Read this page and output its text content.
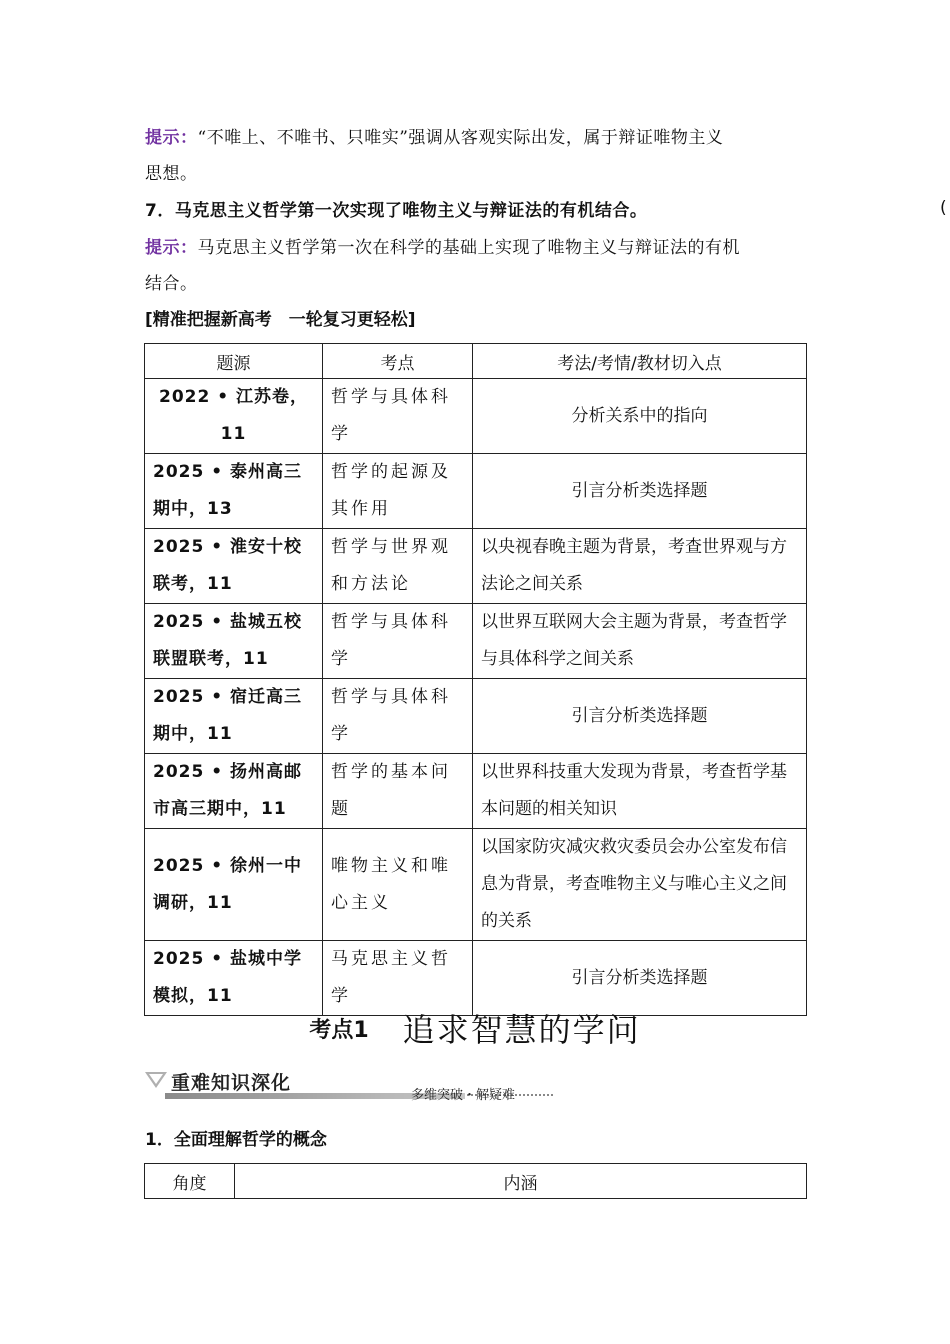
提示：“不唯上、不唯书、只唯实”强调从客观实际出发，属于辩证唯物主义
思想。
7．马克思主义哲学第一次实现了唯物主义与辩证法的有机结合。	(
提示：马克思主义哲学第一次在科学的基础上实现了唯物主义与辩证法的有机
结合。
[精准把握新高考　一轮复习更轻松]
题源	考点	考法/考情/教材切入点
2022 • 江苏卷，11	哲学与具体科学	分析关系中的指向
2025 • 泰州高三期中，13	哲学的起源及其作用	引言分析类选择题
2025 • 淮安十校联考，11	哲学与世界观和方法论	以央视春晚主题为背景，考查世界观与方法论之间关系
2025 • 盐城五校联盟联考，11	哲学与具体科学	以世界互联网大会主题为背景，考查哲学与具体科学之间关系
2025 • 宿迁高三期中，11	哲学与具体科学	引言分析类选择题
2025 • 扬州高邮市高三期中，11	哲学的基本问题	以世界科技重大发现为背景，考查哲学基本问题的相关知识
2025 • 徐州一中调研，11	唯物主义和唯心主义	以国家防灾减灾救灾委员会办公室发布信息为背景，考查唯物主义与唯心主义之间的关系
2025 • 盐城中学模拟，11	马克思主义哲学	引言分析类选择题
考点1 追求智慧的学问
重难知识深化
多维突破・解疑难
1．全面理解哲学的概念
角度	内涵
